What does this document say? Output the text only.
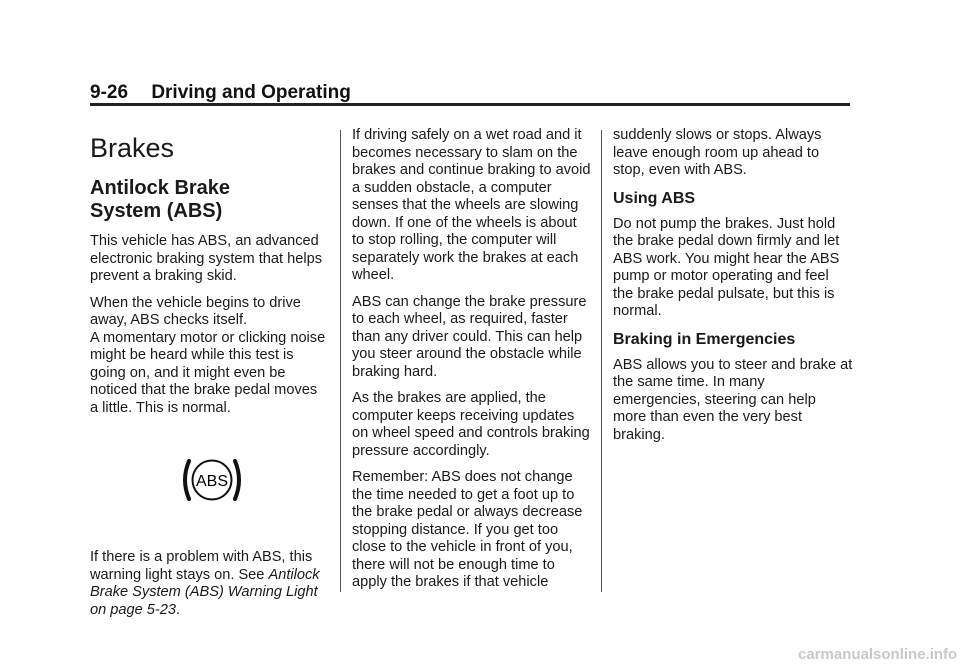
9-26 Driving and Operating
Brakes
Antilock Brake
System (ABS)

This vehicle has ABS, an advanced electronic braking system that helps prevent a braking skid.

When the vehicle begins to drive away, ABS checks itself.
A momentary motor or clicking noise might be heard while this test is going on, and it might even be noticed that the brake pedal moves a little. This is normal.

ABS

If there is a problem with ABS, this warning light stays on. See Antilock Brake System (ABS) Warning Light on page 5-23.

If driving safely on a wet road and it becomes necessary to slam on the brakes and continue braking to avoid a sudden obstacle, a computer senses that the wheels are slowing down. If one of the wheels is about to stop rolling, the computer will separately work the brakes at each wheel.

ABS can change the brake pressure to each wheel, as required, faster than any driver could. This can help you steer around the obstacle while braking hard.

As the brakes are applied, the computer keeps receiving updates on wheel speed and controls braking pressure accordingly.

Remember: ABS does not change the time needed to get a foot up to the brake pedal or always decrease stopping distance. If you get too close to the vehicle in front of you, there will not be enough time to apply the brakes if that vehicle

suddenly slows or stops. Always leave enough room up ahead to stop, even with ABS.

Using ABS

Do not pump the brakes. Just hold the brake pedal down firmly and let ABS work. You might hear the ABS pump or motor operating and feel the brake pedal pulsate, but this is normal.

Braking in Emergencies

ABS allows you to steer and brake at the same time. In many emergencies, steering can help more than even the very best braking.

carmanualsonline.info
